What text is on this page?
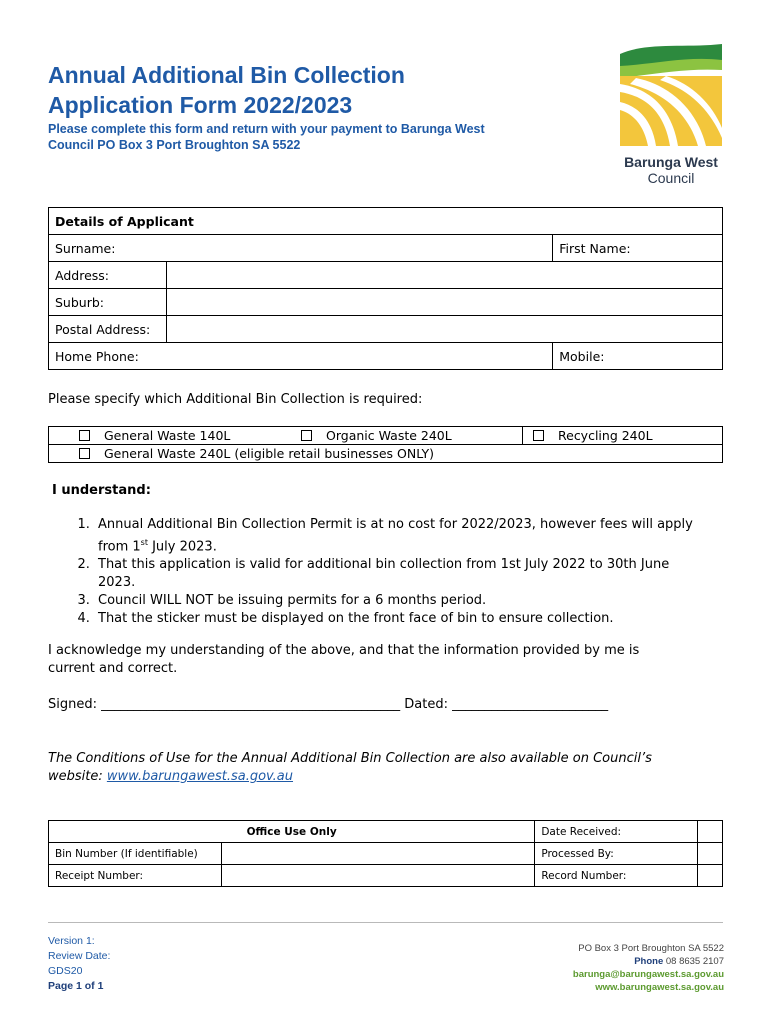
Annual Additional Bin Collection
Application Form 2022/2023
Please complete this form and return with your payment to Barunga West
Council PO Box 3 Port Broughton SA 5522
Barunga West
Council
Details of Applicant		
Surname:		First Name:
Address:		
Suburb:		
Postal Address:		
Home Phone:		Mobile:
Please specify which Additional Bin Collection is required:
General Waste 140L	Organic Waste 240L	Recycling 240L
General Waste 240L (eligible retail businesses ONLY)		
I understand:
1. Annual Additional Bin Collection Permit is at no cost for 2022/2023, however fees will apply
from 1st July 2023.
2. That this application is valid for additional bin collection from 1st July 2022 to 30th June
2023.
3. Council WILL NOT be issuing permits for a 6 months period.
4. That the sticker must be displayed on the front face of bin to ensure collection.
I acknowledge my understanding of the above, and that the information provided by me is
current and correct.
Signed: ______________________________________________ Dated: ________________________
The Conditions of Use for the Annual Additional Bin Collection are also available on Council’s
website: www.barungawest.sa.gov.au
Office Use Only		Date Received:	
Bin Number (If identifiable)		Processed By:	
Receipt Number:		Record Number:	
Version 1:
Review Date:
GDS20
Page 1 of 1
PO Box 3 Port Broughton SA 5522
Phone 08 8635 2107
barunga@barungawest.sa.gov.au
www.barungawest.sa.gov.au
